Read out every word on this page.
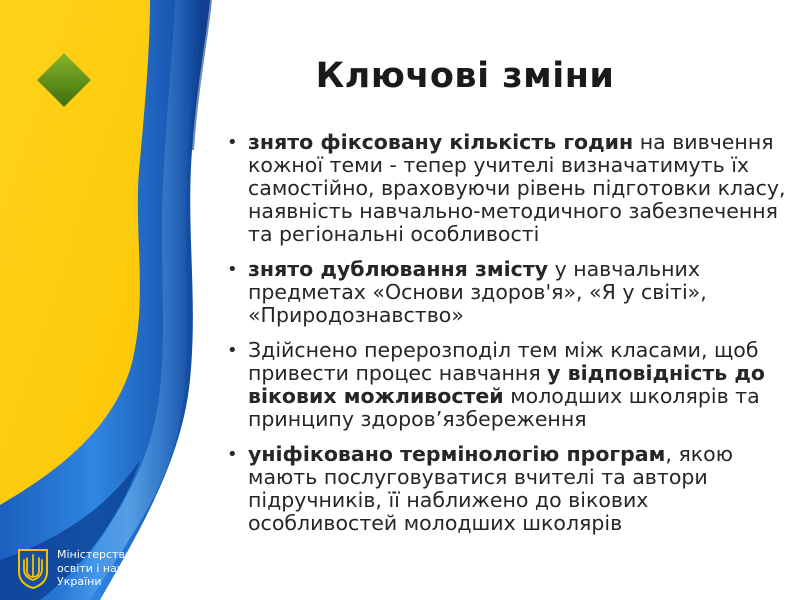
Ключові зміни
• знято фіксовану кількість годин на вивчення кожної теми - тепер учителі визначатимуть їх самостійно, враховуючи рівень підготовки класу, наявність навчально-методичного забезпечення та регіональні особливості
• знято дублювання змісту у навчальних предметах «Основи здоров'я», «Я у світі», «Природознавство»
• Здійснено перерозподіл тем між класами, щоб привести процес навчання у відповідність до вікових можливостей молодших школярів та принципу здоров’язбереження
• уніфіковано термінологію програм, якою мають послуговуватися вчителі та автори підручників, її наближено до вікових особливостей молодших школярів
Міністерство
освіти і науки
України
